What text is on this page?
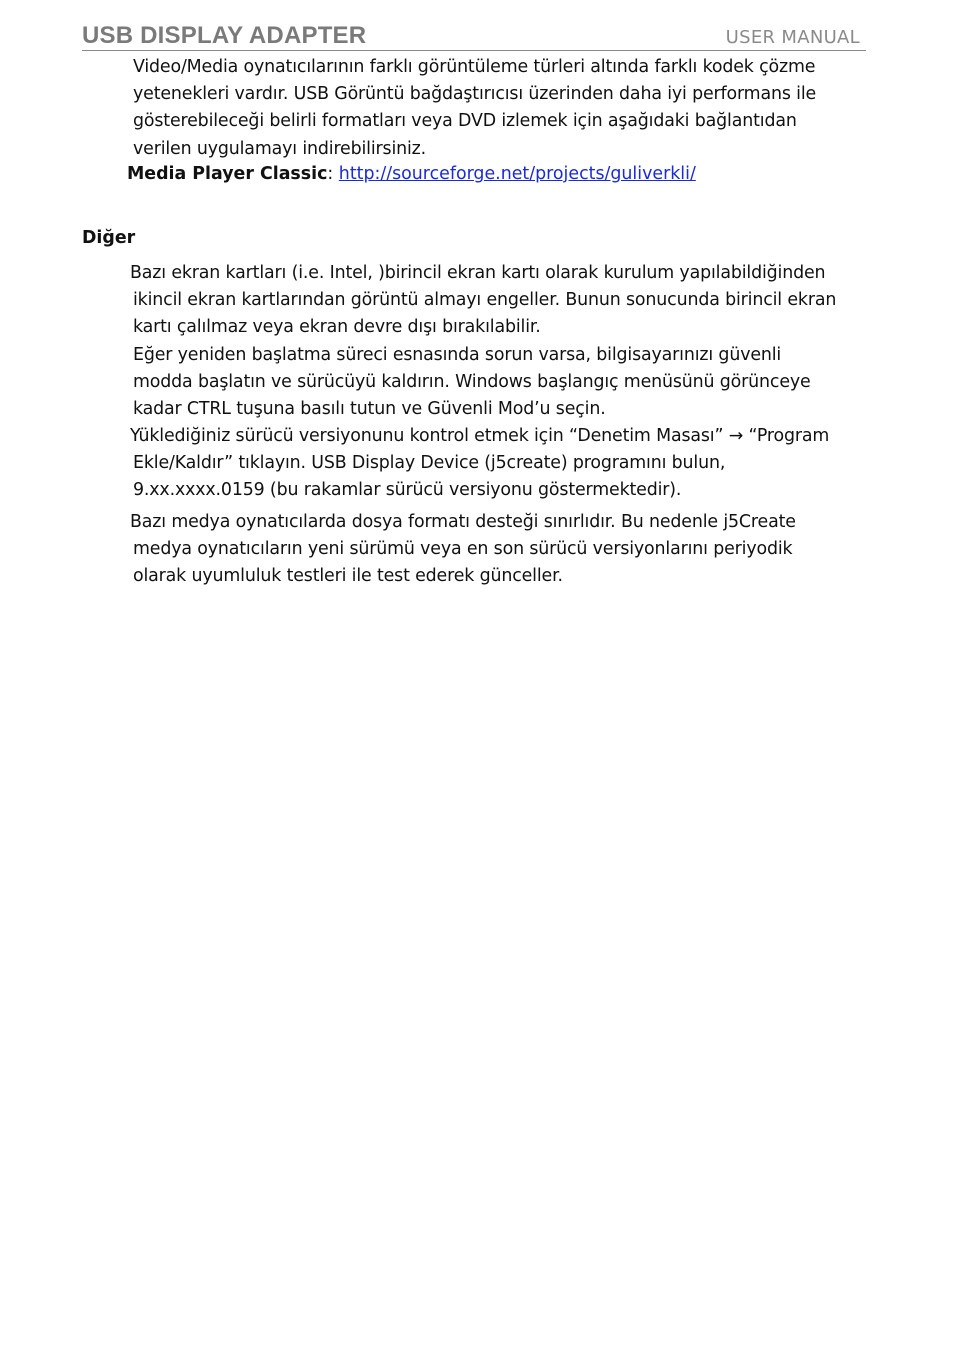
USB DISPLAY ADAPTER	USER MANUAL
Video/Media oynatıcılarının farklı görüntüleme türleri altında farklı kodek çözme
yetenekleri vardır. USB Görüntü bağdaştırıcısı üzerinden daha iyi performans ile
gösterebileceği belirli formatları veya DVD izlemek için aşağıdaki bağlantıdan
verilen uygulamayı indirebilirsiniz.
Media Player Classic: http://sourceforge.net/projects/guliverkli/
Diğer
Bazı ekran kartları (i.e. Intel, )birincil ekran kartı olarak kurulum yapılabildiğinden
ikincil ekran kartlarından görüntü almayı engeller. Bunun sonucunda birincil ekran
kartı çalılmaz veya ekran devre dışı bırakılabilir.
Eğer yeniden başlatma süreci esnasında sorun varsa, bilgisayarınızı güvenli
modda başlatın ve sürücüyü kaldırın. Windows başlangıç menüsünü görünceye
kadar CTRL tuşuna basılı tutun ve Güvenli Mod’u seçin.
Yüklediğiniz sürücü versiyonunu kontrol etmek için “Denetim Masası” → “Program
Ekle/Kaldır” tıklayın. USB Display Device (j5create) programını bulun,
9.xx.xxxx.0159 (bu rakamlar sürücü versiyonu göstermektedir).
Bazı medya oynatıcılarda dosya formatı desteği sınırlıdır. Bu nedenle j5Create
medya oynatıcıların yeni sürümü veya en son sürücü versiyonlarını periyodik
olarak uyumluluk testleri ile test ederek günceller.
